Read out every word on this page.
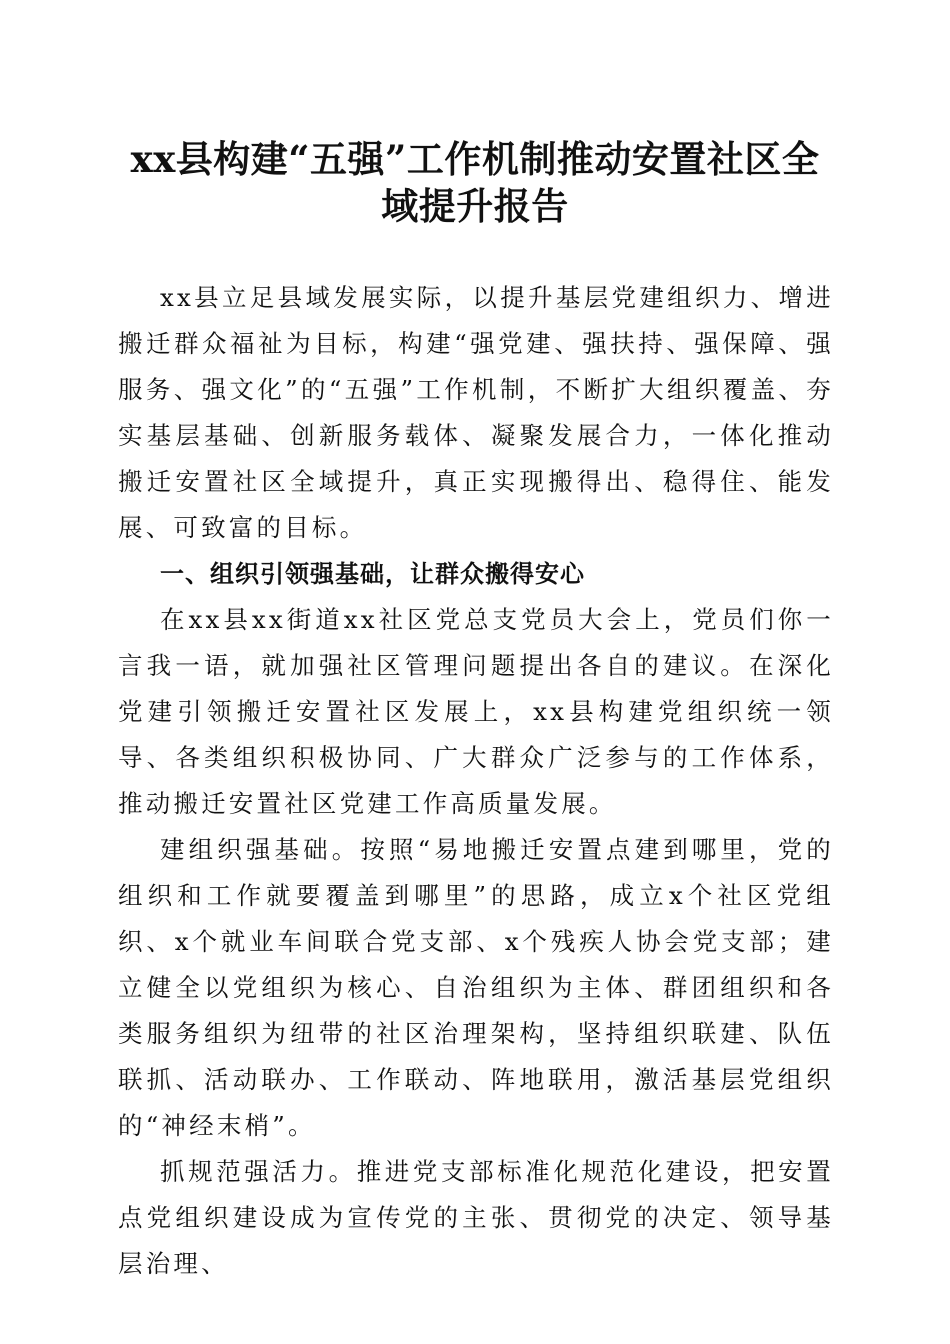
xx县构建“五强”工作机制推动安置社区全
域提升报告

xx县立足县域发展实际，以提升基层党建组织力、增进搬迁群众福祉为目标，构建“强党建、强扶持、强保障、强服务、强文化”的“五强”工作机制，不断扩大组织覆盖、夯实基层基础、创新服务载体、凝聚发展合力，一体化推动搬迁安置社区全域提升，真正实现搬得出、稳得住、能发展、可致富的目标。

一、组织引领强基础，让群众搬得安心

在xx县xx街道xx社区党总支党员大会上，党员们你一言我一语，就加强社区管理问题提出各自的建议。在深化党建引领搬迁安置社区发展上，xx县构建党组织统一领导、各类组织积极协同、广大群众广泛参与的工作体系，推动搬迁安置社区党建工作高质量发展。

建组织强基础。按照“易地搬迁安置点建到哪里，党的组织和工作就要覆盖到哪里”的思路，成立x个社区党组织、x个就业车间联合党支部、x个残疾人协会党支部；建立健全以党组织为核心、自治组织为主体、群团组织和各类服务组织为纽带的社区治理架构，坚持组织联建、队伍联抓、活动联办、工作联动、阵地联用，激活基层党组织的“神经末梢”。

抓规范强活力。推进党支部标准化规范化建设，把安置点党组织建设成为宣传党的主张、贯彻党的决定、领导基层治理、
